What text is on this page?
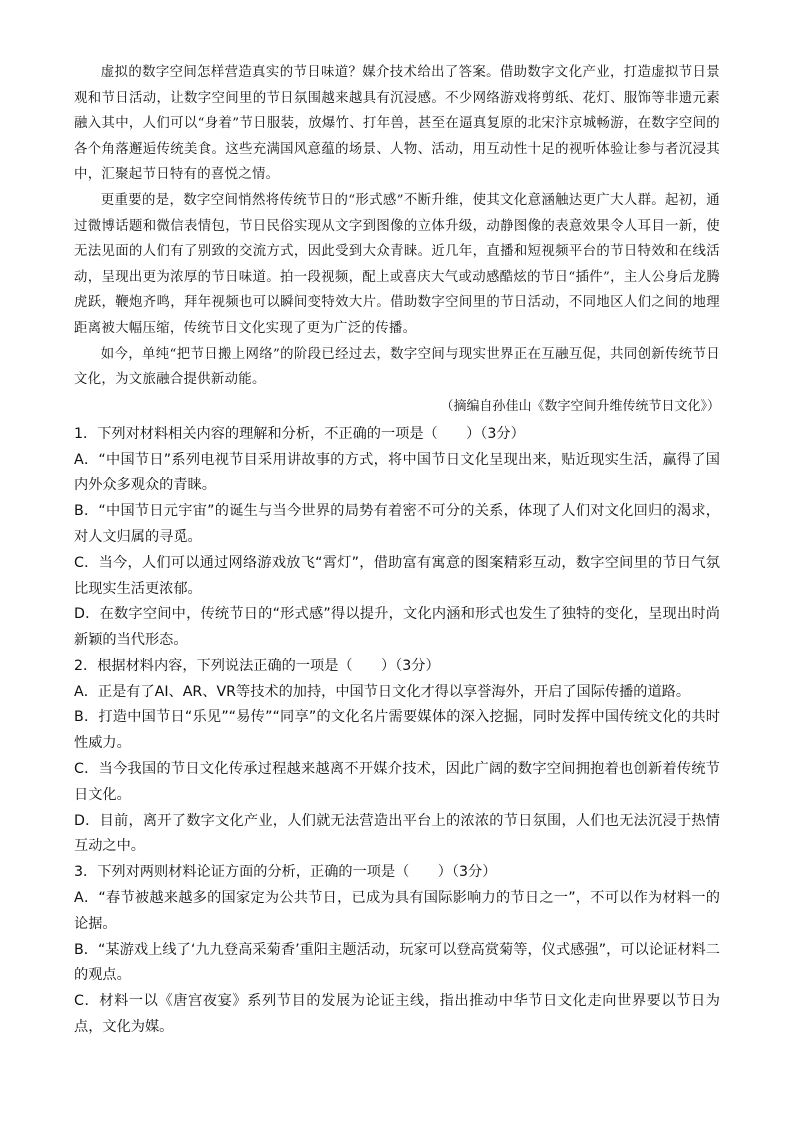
虚拟的数字空间怎样营造真实的节日味道？媒介技术给出了答案。借助数字文化产业，打造虚拟节日景观和节日活动，让数字空间里的节日氛围越来越具有沉浸感。不少网络游戏将剪纸、花灯、服饰等非遗元素融入其中，人们可以“身着”节日服装，放爆竹、打年兽，甚至在逼真复原的北宋汴京城畅游，在数字空间的各个角落邂逅传统美食。这些充满国风意蕴的场景、人物、活动，用互动性十足的视听体验让参与者沉浸其中，汇聚起节日特有的喜悦之情。

更重要的是，数字空间悄然将传统节日的“形式感”不断升维，使其文化意涵触达更广大人群。起初，通过微博话题和微信表情包，节日民俗实现从文字到图像的立体升级，动静图像的表意效果令人耳目一新，使无法见面的人们有了别致的交流方式，因此受到大众青睐。近几年，直播和短视频平台的节日特效和在线活动，呈现出更为浓厚的节日味道。拍一段视频，配上或喜庆大气或动感酷炫的节日“插件”，主人公身后龙腾虎跃，鞭炮齐鸣，拜年视频也可以瞬间变特效大片。借助数字空间里的节日活动，不同地区人们之间的地理距离被大幅压缩，传统节日文化实现了更为广泛的传播。

如今，单纯“把节日搬上网络”的阶段已经过去，数字空间与现实世界正在互融互促，共同创新传统节日文化，为文旅融合提供新动能。

（摘编自孙佳山《数字空间升维传统节日文化》）

1．下列对材料相关内容的理解和分析，不正确的一项是（　　）（3分）

A．“中国节日”系列电视节目采用讲故事的方式，将中国节日文化呈现出来，贴近现实生活，赢得了国内外众多观众的青睐。

B．“中国节日元宇宙”的诞生与当今世界的局势有着密不可分的关系，体现了人们对文化回归的渴求，对人文归属的寻觅。

C．当今，人们可以通过网络游戏放飞“霄灯”，借助富有寓意的图案精彩互动，数字空间里的节日气氛比现实生活更浓郁。

D．在数字空间中，传统节日的“形式感”得以提升，文化内涵和形式也发生了独特的变化，呈现出时尚新颖的当代形态。

2．根据材料内容，下列说法正确的一项是（　　）（3分）

A．正是有了AI、AR、VR等技术的加持，中国节日文化才得以享誉海外，开启了国际传播的道路。

B．打造中国节日“乐见”“易传”“同享”的文化名片需要媒体的深入挖掘，同时发挥中国传统文化的共时性威力。

C．当今我国的节日文化传承过程越来越离不开媒介技术，因此广阔的数字空间拥抱着也创新着传统节日文化。

D．目前，离开了数字文化产业，人们就无法营造出平台上的浓浓的节日氛围，人们也无法沉浸于热情互动之中。

3．下列对两则材料论证方面的分析，正确的一项是（　　）（3分）

A．“春节被越来越多的国家定为公共节日，已成为具有国际影响力的节日之一”，不可以作为材料一的论据。

B．“某游戏上线了‘九九登高采菊香’重阳主题活动，玩家可以登高赏菊等，仪式感强”，可以论证材料二的观点。

C．材料一以《唐宫夜宴》系列节目的发展为论证主线，指出推动中华节日文化走向世界要以节日为点，文化为媒。
